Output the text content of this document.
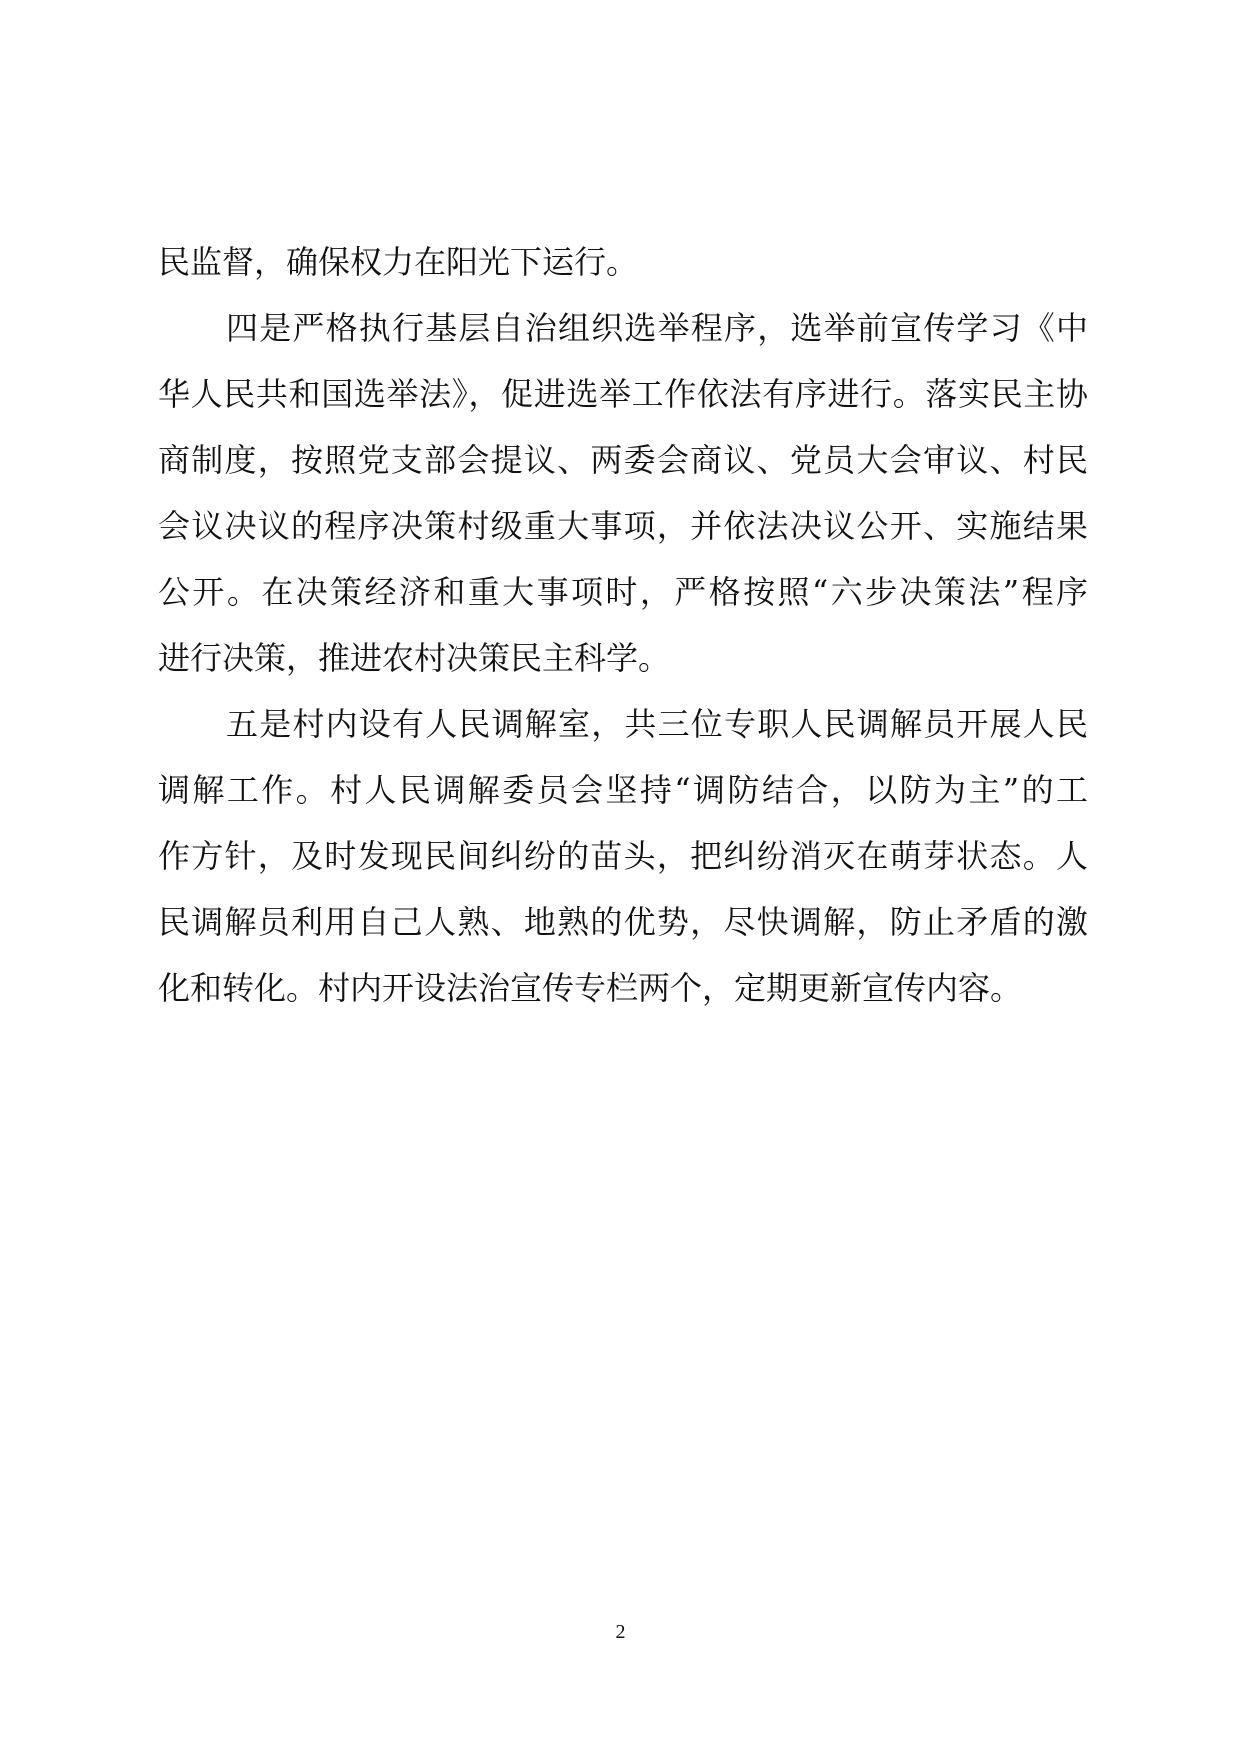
民监督，确保权力在阳光下运行。
四是严格执行基层自治组织选举程序，选举前宣传学习《中
华人民共和国选举法》，促进选举工作依法有序进行。落实民主协
商制度，按照党支部会提议、两委会商议、党员大会审议、村民
会议决议的程序决策村级重大事项，并依法决议公开、实施结果
公开。在决策经济和重大事项时，严格按照“六步决策法”程序
进行决策，推进农村决策民主科学。
五是村内设有人民调解室，共三位专职人民调解员开展人民
调解工作。村人民调解委员会坚持“调防结合，以防为主”的工
作方针，及时发现民间纠纷的苗头，把纠纷消灭在萌芽状态。人
民调解员利用自己人熟、地熟的优势，尽快调解，防止矛盾的激
化和转化。村内开设法治宣传专栏两个，定期更新宣传内容。
2
